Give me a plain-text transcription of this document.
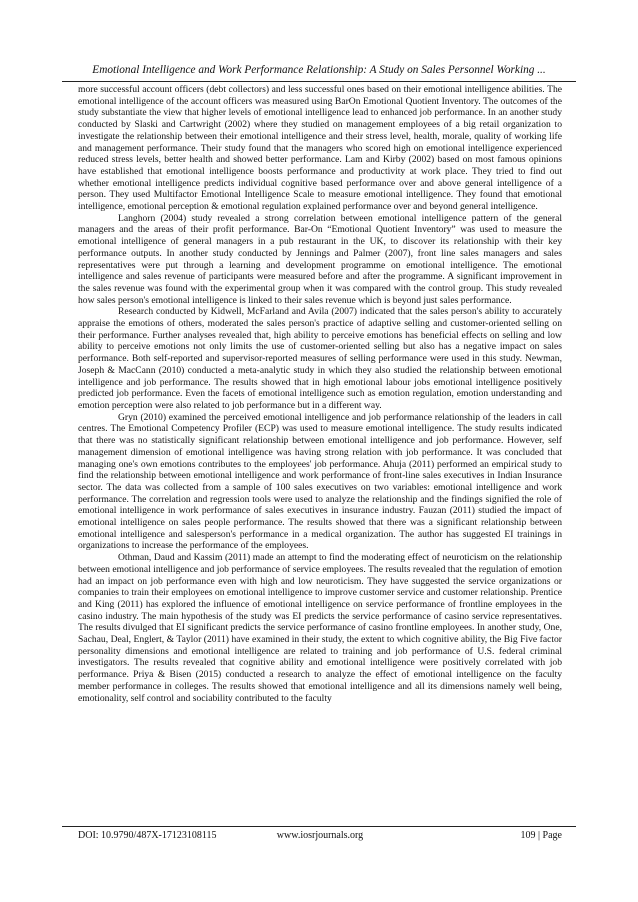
Emotional Intelligence and Work Performance Relationship: A Study on Sales Personnel Working ...

more successful account officers (debt collectors) and less successful ones based on their emotional intelligence abilities. The emotional intelligence of the account officers was measured using BarOn Emotional Quotient Inventory. The outcomes of the study substantiate the view that higher levels of emotional intelligence lead to enhanced job performance. In an another study conducted by Slaski and Cartwright (2002) where they studied on management employees of a big retail organization to investigate the relationship between their emotional intelligence and their stress level, health, morale, quality of working life and management performance. Their study found that the managers who scored high on emotional intelligence experienced reduced stress levels, better health and showed better performance. Lam and Kirby (2002) based on most famous opinions have established that emotional intelligence boosts performance and productivity at work place. They tried to find out whether emotional intelligence predicts individual cognitive based performance over and above general intelligence of a person. They used Multifactor Emotional Intelligence Scale to measure emotional intelligence. They found that emotional intelligence, emotional perception & emotional regulation explained performance over and beyond general intelligence.

Langhorn (2004) study revealed a strong correlation between emotional intelligence pattern of the general managers and the areas of their profit performance. Bar-On “Emotional Quotient Inventory” was used to measure the emotional intelligence of general managers in a pub restaurant in the UK, to discover its relationship with their key performance outputs. In another study conducted by Jennings and Palmer (2007), front line sales managers and sales representatives were put through a learning and development programme on emotional intelligence. The emotional intelligence and sales revenue of participants were measured before and after the programme. A significant improvement in the sales revenue was found with the experimental group when it was compared with the control group. This study revealed how sales person's emotional intelligence is linked to their sales revenue which is beyond just sales performance.

Research conducted by Kidwell, McFarland and Avila (2007) indicated that the sales person's ability to accurately appraise the emotions of others, moderated the sales person's practice of adaptive selling and customer-oriented selling on their performance. Further analyses revealed that, high ability to perceive emotions has beneficial effects on selling and low ability to perceive emotions not only limits the use of customer-oriented selling but also has a negative impact on sales performance. Both self-reported and supervisor-reported measures of selling performance were used in this study. Newman, Joseph & MacCann (2010) conducted a meta-analytic study in which they also studied the relationship between emotional intelligence and job performance. The results showed that in high emotional labour jobs emotional intelligence positively predicted job performance. Even the facets of emotional intelligence such as emotion regulation, emotion understanding and emotion perception were also related to job performance but in a different way.

Gryn (2010) examined the perceived emotional intelligence and job performance relationship of the leaders in call centres. The Emotional Competency Profiler (ECP) was used to measure emotional intelligence. The study results indicated that there was no statistically significant relationship between emotional intelligence and job performance. However, self management dimension of emotional intelligence was having strong relation with job performance. It was concluded that managing one's own emotions contributes to the employees' job performance. Ahuja (2011) performed an empirical study to find the relationship between emotional intelligence and work performance of front-line sales executives in Indian Insurance sector. The data was collected from a sample of 100 sales executives on two variables: emotional intelligence and work performance. The correlation and regression tools were used to analyze the relationship and the findings signified the role of emotional intelligence in work performance of sales executives in insurance industry. Fauzan (2011) studied the impact of emotional intelligence on sales people performance. The results showed that there was a significant relationship between emotional intelligence and salesperson's performance in a medical organization. The author has suggested EI trainings in organizations to increase the performance of the employees.

Othman, Daud and Kassim (2011) made an attempt to find the moderating effect of neuroticism on the relationship between emotional intelligence and job performance of service employees. The results revealed that the regulation of emotion had an impact on job performance even with high and low neuroticism. They have suggested the service organizations or companies to train their employees on emotional intelligence to improve customer service and customer relationship. Prentice and King (2011) has explored the influence of emotional intelligence on service performance of frontline employees in the casino industry. The main hypothesis of the study was EI predicts the service performance of casino service representatives. The results divulged that EI significant predicts the service performance of casino frontline employees. In another study, One, Sachau, Deal, Englert, & Taylor (2011) have examined in their study, the extent to which cognitive ability, the Big Five factor personality dimensions and emotional intelligence are related to training and job performance of U.S. federal criminal investigators. The results revealed that cognitive ability and emotional intelligence were positively correlated with job performance. Priya & Bisen (2015) conducted a research to analyze the effect of emotional intelligence on the faculty member performance in colleges. The results showed that emotional intelligence and all its dimensions namely well being, emotionality, self control and sociability contributed to the faculty

DOI: 10.9790/487X-17123108115	www.iosrjournals.org	109 | Page
